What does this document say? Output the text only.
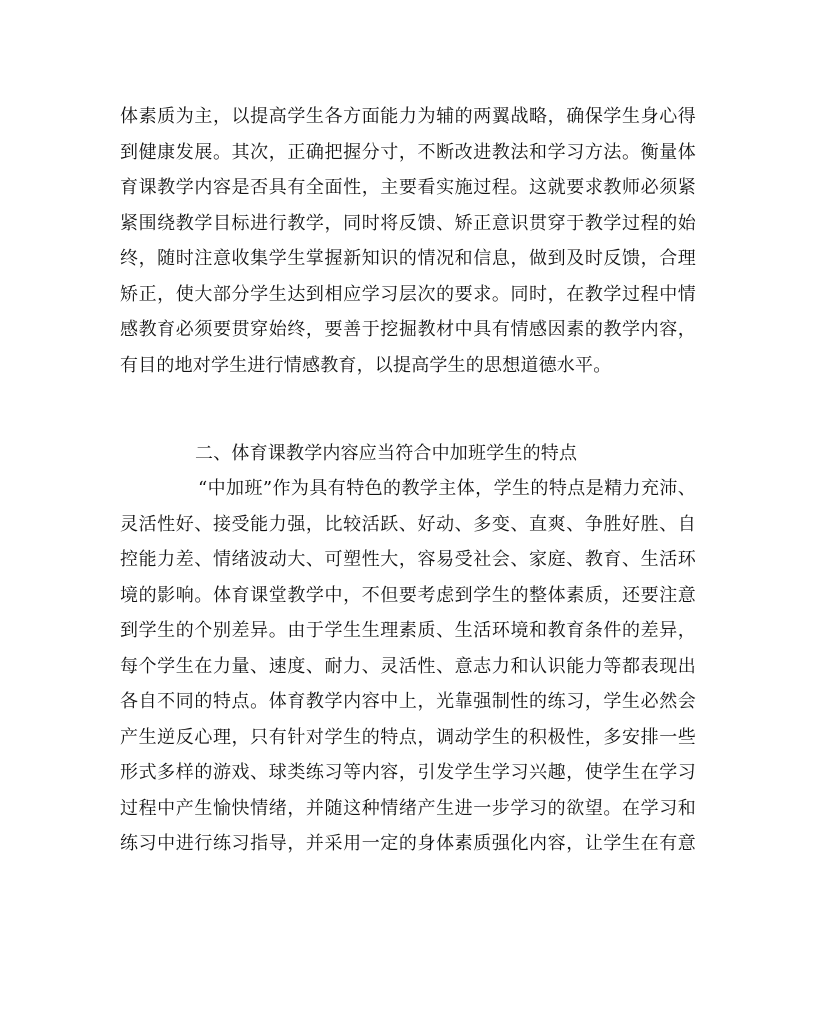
体素质为主，以提高学生各方面能力为辅的两翼战略，确保学生身心得
到健康发展。其次，正确把握分寸，不断改进教法和学习方法。衡量体
育课教学内容是否具有全面性，主要看实施过程。这就要求教师必须紧
紧围绕教学目标进行教学，同时将反馈、矫正意识贯穿于教学过程的始
终，随时注意收集学生掌握新知识的情况和信息，做到及时反馈，合理
矫正，使大部分学生达到相应学习层次的要求。同时，在教学过程中情
感教育必须要贯穿始终，要善于挖掘教材中具有情感因素的教学内容，
有目的地对学生进行情感教育，以提高学生的思想道德水平。
二、体育课教学内容应当符合中加班学生的特点
“中加班”作为具有特色的教学主体，学生的特点是精力充沛、
灵活性好、接受能力强，比较活跃、好动、多变、直爽、争胜好胜、自
控能力差、情绪波动大、可塑性大，容易受社会、家庭、教育、生活环
境的影响。体育课堂教学中，不但要考虑到学生的整体素质，还要注意
到学生的个别差异。由于学生生理素质、生活环境和教育条件的差异，
每个学生在力量、速度、耐力、灵活性、意志力和认识能力等都表现出
各自不同的特点。体育教学内容中上，光靠强制性的练习，学生必然会
产生逆反心理，只有针对学生的特点，调动学生的积极性，多安排一些
形式多样的游戏、球类练习等内容，引发学生学习兴趣，使学生在学习
过程中产生愉快情绪，并随这种情绪产生进一步学习的欲望。在学习和
练习中进行练习指导，并采用一定的身体素质强化内容，让学生在有意
